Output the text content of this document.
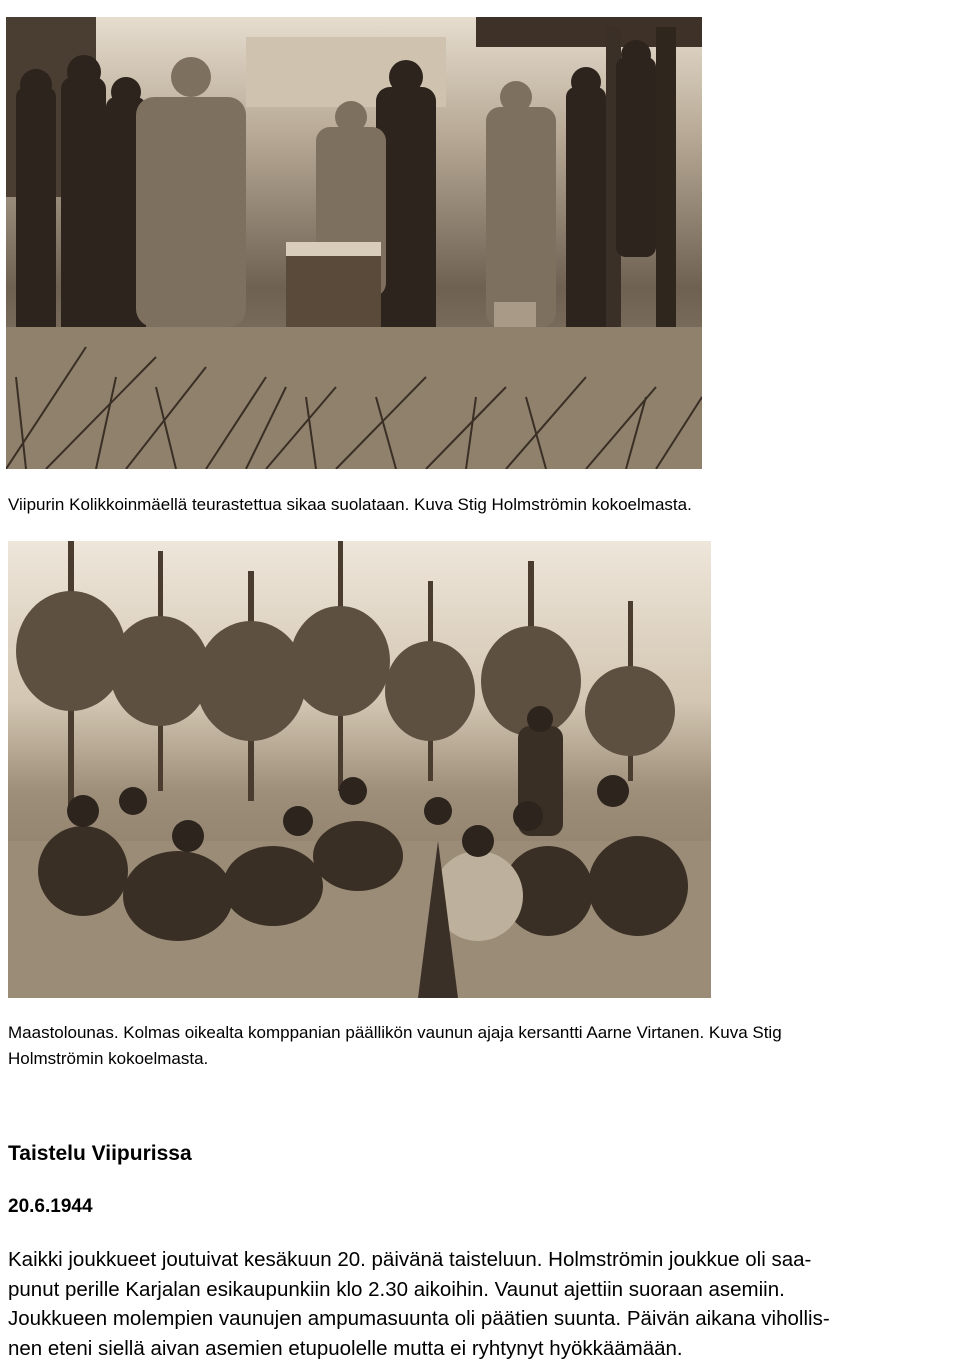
Viipurin Kolikkoinmäellä teurastettua sikaa suolataan. Kuva Stig Holmströmin kokoelmasta.

Maastolounas. Kolmas oikealta komppanian päällikön vaunun ajaja kersantti Aarne Virtanen. Kuva Stig
Holmströmin kokoelmasta.

Taistelu Viipurissa

20.6.1944

Kaikki joukkueet joutuivat kesäkuun 20. päivänä taisteluun. Holmströmin joukkue oli saa-
punut perille Karjalan esikaupunkiin klo 2.30 aikoihin. Vaunut ajettiin suoraan asemiin.
Joukkueen molempien vaunujen ampumasuunta oli päätien suunta. Päivän aikana vihollis-
nen eteni siellä aivan asemien etupuolelle mutta ei ryhtynyt hyökkäämään.
